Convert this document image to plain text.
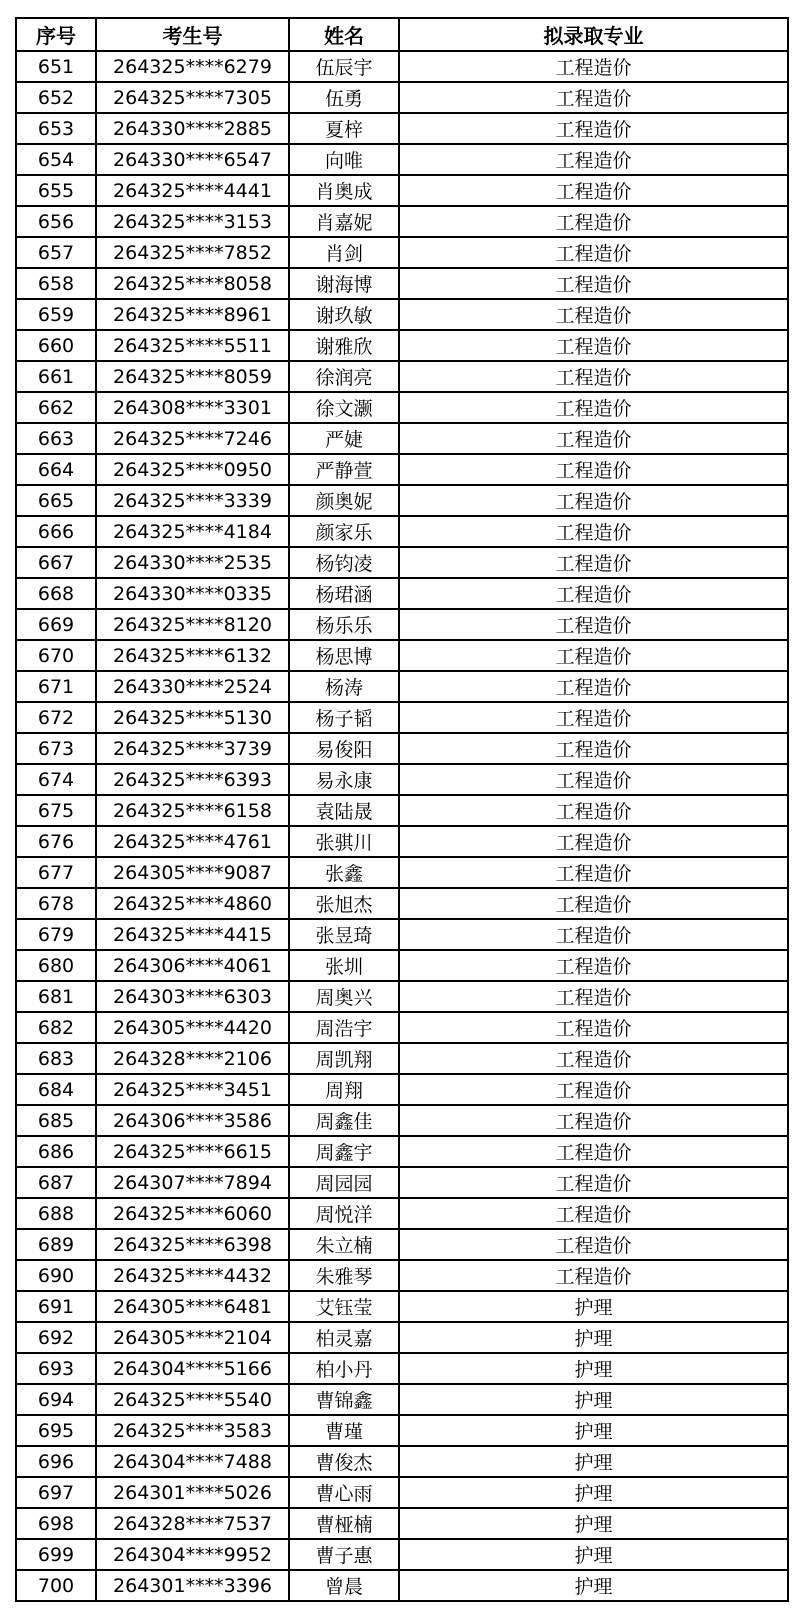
序号	考生号	姓名	拟录取专业
651	264325****6279	伍辰宇	工程造价
652	264325****7305	伍勇	工程造价
653	264330****2885	夏梓	工程造价
654	264330****6547	向唯	工程造价
655	264325****4441	肖奥成	工程造价
656	264325****3153	肖嘉妮	工程造价
657	264325****7852	肖剑	工程造价
658	264325****8058	谢海博	工程造价
659	264325****8961	谢玖敏	工程造价
660	264325****5511	谢雅欣	工程造价
661	264325****8059	徐润亮	工程造价
662	264308****3301	徐文灏	工程造价
663	264325****7246	严婕	工程造价
664	264325****0950	严静萱	工程造价
665	264325****3339	颜奥妮	工程造价
666	264325****4184	颜家乐	工程造价
667	264330****2535	杨钧凌	工程造价
668	264330****0335	杨珺涵	工程造价
669	264325****8120	杨乐乐	工程造价
670	264325****6132	杨思博	工程造价
671	264330****2524	杨涛	工程造价
672	264325****5130	杨子韬	工程造价
673	264325****3739	易俊阳	工程造价
674	264325****6393	易永康	工程造价
675	264325****6158	袁陆晟	工程造价
676	264325****4761	张骐川	工程造价
677	264305****9087	张鑫	工程造价
678	264325****4860	张旭杰	工程造价
679	264325****4415	张昱琦	工程造价
680	264306****4061	张圳	工程造价
681	264303****6303	周奥兴	工程造价
682	264305****4420	周浩宇	工程造价
683	264328****2106	周凯翔	工程造价
684	264325****3451	周翔	工程造价
685	264306****3586	周鑫佳	工程造价
686	264325****6615	周鑫宇	工程造价
687	264307****7894	周园园	工程造价
688	264325****6060	周悦洋	工程造价
689	264325****6398	朱立楠	工程造价
690	264325****4432	朱雅琴	工程造价
691	264305****6481	艾钰莹	护理
692	264305****2104	柏灵嘉	护理
693	264304****5166	柏小丹	护理
694	264325****5540	曹锦鑫	护理
695	264325****3583	曹瑾	护理
696	264304****7488	曹俊杰	护理
697	264301****5026	曹心雨	护理
698	264328****7537	曹桠楠	护理
699	264304****9952	曹子惠	护理
700	264301****3396	曾晨	护理
